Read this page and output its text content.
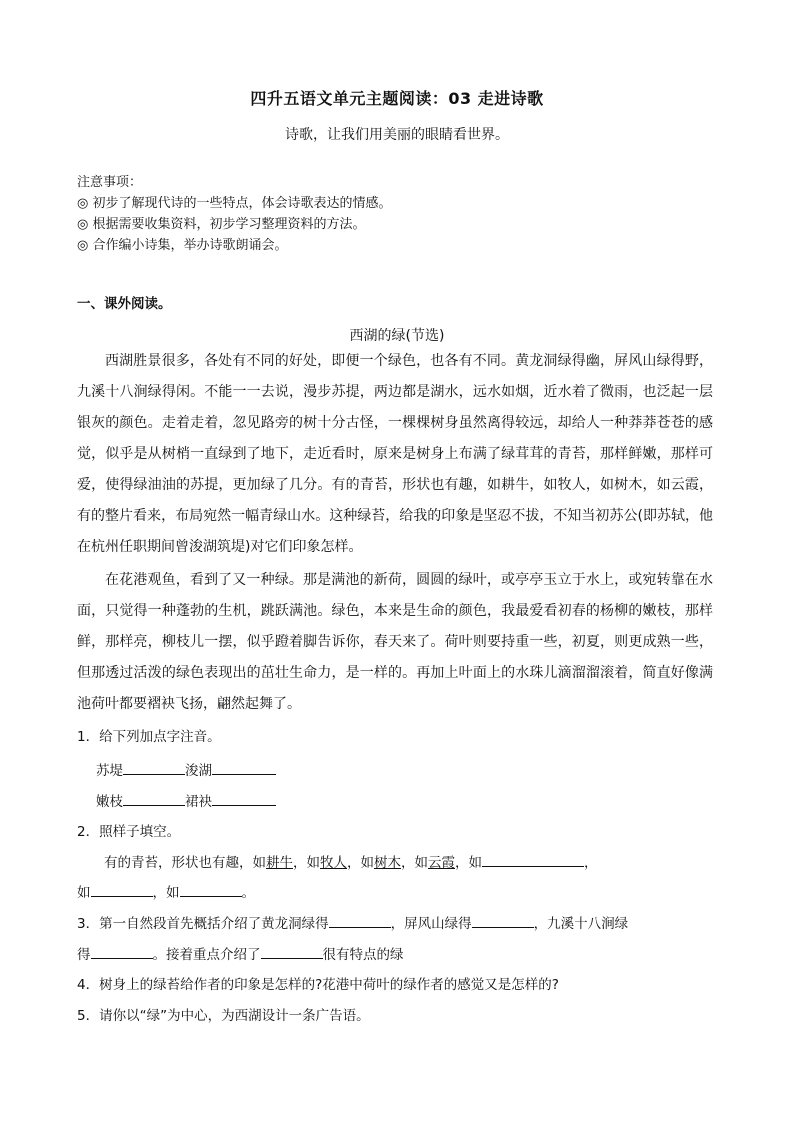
四升五语文单元主题阅读：03 走进诗歌
诗歌，让我们用美丽的眼睛看世界。
注意事项：
◎ 初步了解现代诗的一些特点，体会诗歌表达的情感。
◎ 根据需要收集资料，初步学习整理资料的方法。
◎ 合作编小诗集，举办诗歌朗诵会。
一、课外阅读。
西湖的绿(节选)
西湖胜景很多，各处有不同的好处，即便一个绿色，也各有不同。黄龙洞绿得幽，屏风山绿得野，九溪十八涧绿得闲。不能一一去说，漫步苏提，两边都是湖水，远水如烟，近水着了微雨，也泛起一层银灰的颜色。走着走着，忽见路旁的树十分古怪，一棵棵树身虽然离得较远，却给人一种莽莽苍苍的感觉，似乎是从树梢一直绿到了地下，走近看时，原来是树身上布满了绿茸茸的青苔，那样鲜嫩，那样可爱，使得绿油油的苏提，更加绿了几分。有的青苔，形状也有趣，如耕牛，如牧人，如树木，如云霞，有的整片看来，布局宛然一幅青绿山水。这种绿苔，给我的印象是坚忍不拔，不知当初苏公(即苏轼，他在杭州任职期间曾浚湖筑堤)对它们印象怎样。
在花港观鱼，看到了又一种绿。那是满池的新荷，圆圆的绿叶，或亭亭玉立于水上，或宛转靠在水面，只觉得一种蓬勃的生机，跳跃满池。绿色，本来是生命的颜色，我最爱看初春的杨柳的嫩枝，那样鲜，那样亮，柳枝儿一摆，似乎蹬着脚告诉你，春天来了。荷叶则要持重一些，初夏，则更成熟一些，但那透过活泼的绿色表现出的茁壮生命力，是一样的。再加上叶面上的水珠儿滴溜溜滚着，简直好像满池荷叶都要褶袂飞扬，翩然起舞了。
1．给下列加点字注音。
苏堤	浚湖
嫩枝	裙袂
2．照样子填空。
有的青苔，形状也有趣，如耕牛，如牧人，如树木，如云霞，如	，
如	，如	。
3．第一自然段首先概括介绍了黄龙洞绿得	，屏风山绿得	，九溪十八涧绿
得	。接着重点介绍了	很有特点的绿
4．树身上的绿苔给作者的印象是怎样的?花港中荷叶的绿作者的感觉又是怎样的?
5．请你以“绿”为中心，为西湖设计一条广告语。
